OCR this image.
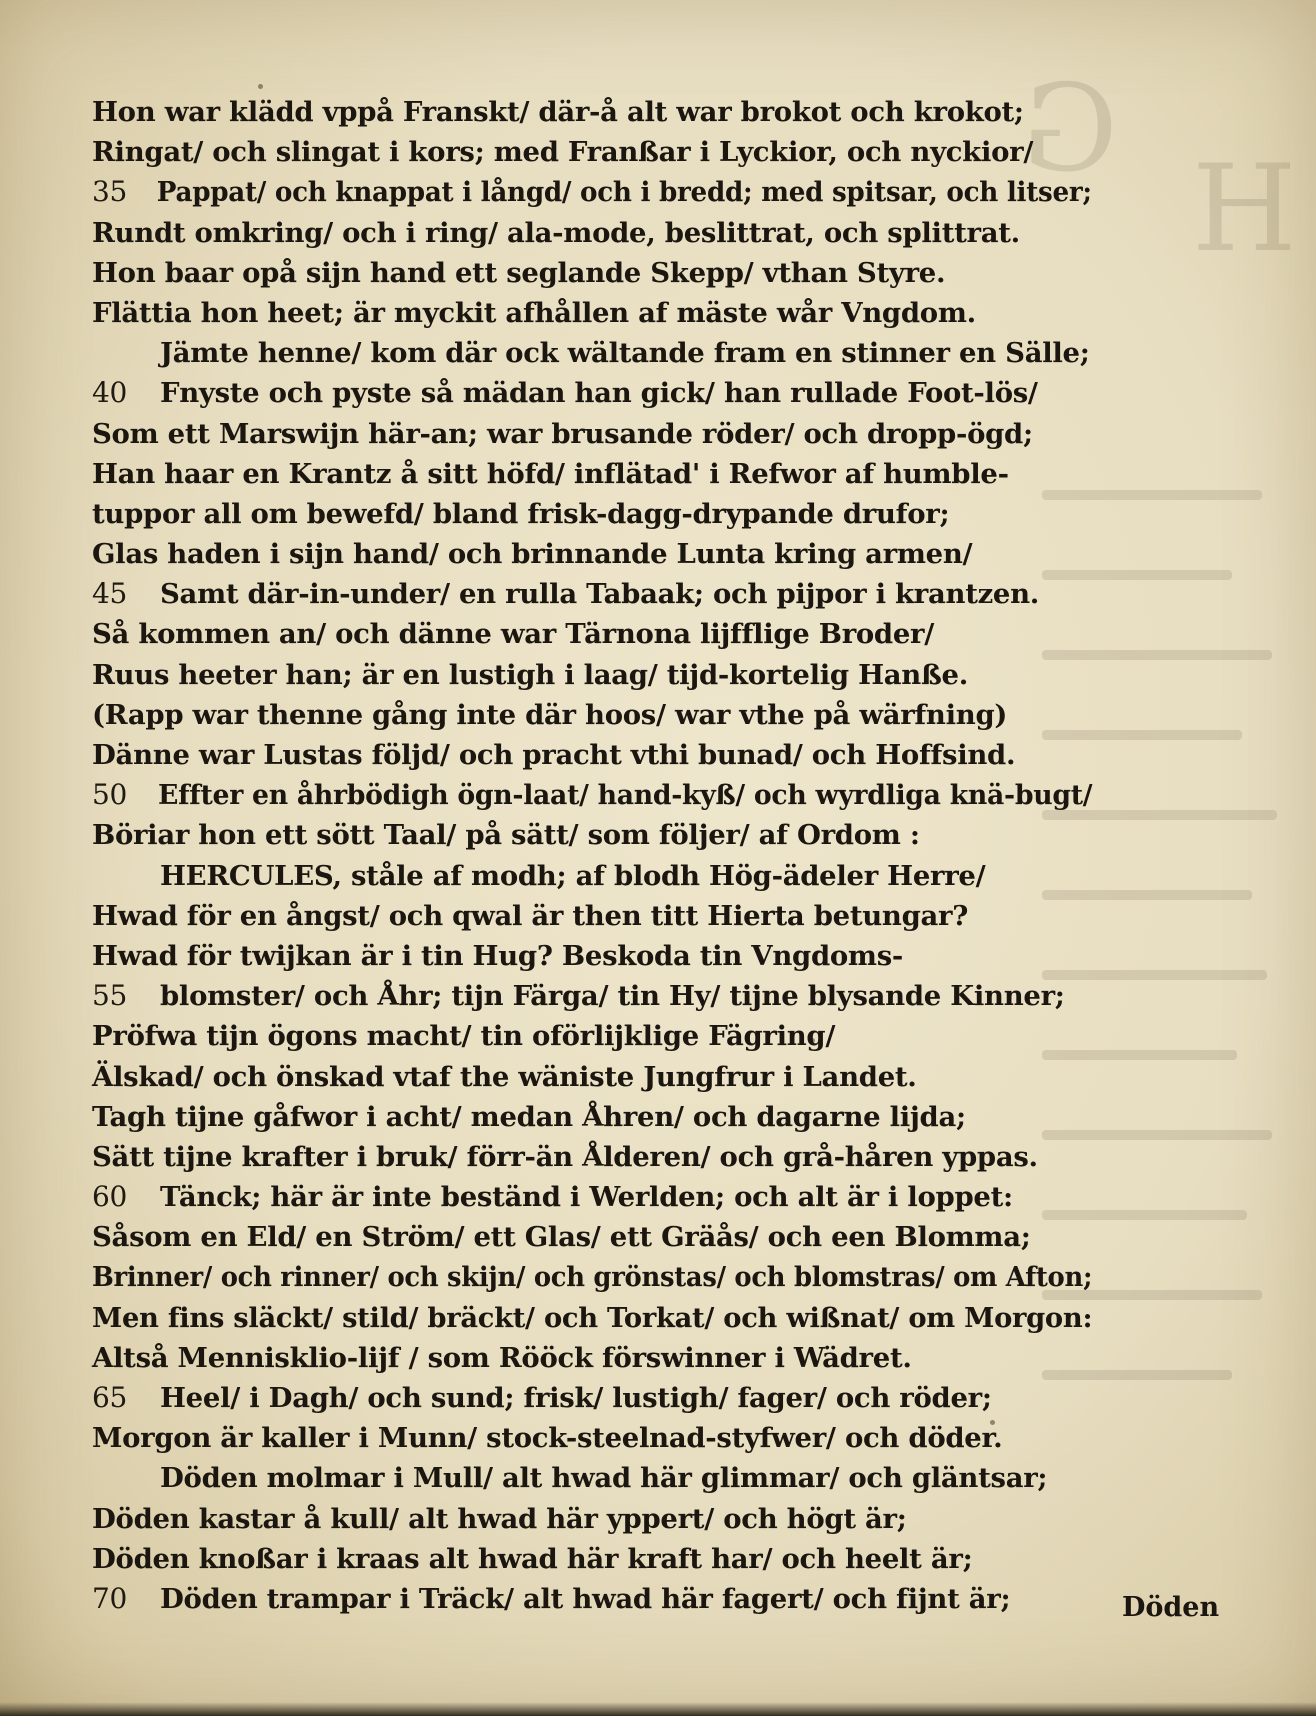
G
H
Hon war klädd vppå Franskt/ där-å alt war brokot och krokot;
Ringat/ och slingat i kors; med Franßar i Lyckior, och nyckior/
35	Pappat/ och knappat i långd/ och i bredd; med spitsar, och litser;
Rundt omkring/ och i ring/ ala-mode, beslittrat, och splittrat.
Hon baar opå sijn hand ett seglande Skepp/ vthan Styre.
Flättia hon heet; är myckit afhållen af mäste wår Vngdom.
Jämte henne/ kom där ock wältande fram en stinner en Sälle;
40	Fnyste och pyste så mädan han gick/ han rullade Foot-lös/
Som ett Marswijn här-an; war brusande röder/ och dropp-ögd;
Han haar en Krantz å sitt höfd/ inflätad' i Refwor af humble-
tuppor all om bewefd/ bland frisk-dagg-drypande drufor;
Glas haden i sijn hand/ och brinnande Lunta kring armen/
45	Samt där-in-under/ en rulla Tabaak; och pijpor i krantzen.
Så kommen an/ och dänne war Tärnona lijfflige Broder/
Ruus heeter han; är en lustigh i laag/ tijd-kortelig Hanße.
(Rapp war thenne gång inte där hoos/ war vthe på wärfning)
Dänne war Lustas följd/ och pracht vthi bunad/ och Hoffsind.
50	Effter en åhrbödigh ögn-laat/ hand-kyß/ och wyrdliga knä-bugt/
Böriar hon ett sött Taal/ på sätt/ som följer/ af Ordom :
HERCULES, ståle af modh; af blodh Hög-ädeler Herre/
Hwad för en ångst/ och qwal är then titt Hierta betungar?
Hwad för twijkan är i tin Hug? Beskoda tin Vngdoms-
55	blomster/ och Åhr; tijn Färga/ tin Hy/ tijne blysande Kinner;
Pröfwa tijn ögons macht/ tin oförlijklige Fägring/
Älskad/ och önskad vtaf the wäniste Jungfrur i Landet.
Tagh tijne gåfwor i acht/ medan Åhren/ och dagarne lijda;
Sätt tijne krafter i bruk/ förr-än Ålderen/ och grå-håren yppas.
60	Tänck; här är inte beständ i Werlden; och alt är i loppet:
Såsom en Eld/ en Ström/ ett Glas/ ett Gräås/ och een Blomma;
Brinner/ och rinner/ och skijn/ och grönstas/ och blomstras/ om Afton;
Men fins släckt/ stild/ bräckt/ och Torkat/ och wißnat/ om Morgon:
Altså Mennisklio-lijf / som Rööck förswinner i Wädret.
65	Heel/ i Dagh/ och sund; frisk/ lustigh/ fager/ och röder;
Morgon är kaller i Munn/ stock-steelnad-styfwer/ och döder.
Döden molmar i Mull/ alt hwad här glimmar/ och gläntsar;
Döden kastar å kull/ alt hwad här yppert/ och högt är;
Döden knoßar i kraas alt hwad här kraft har/ och heelt är;
70	Döden trampar i Träck/ alt hwad här fagert/ och fijnt är;	Döden
